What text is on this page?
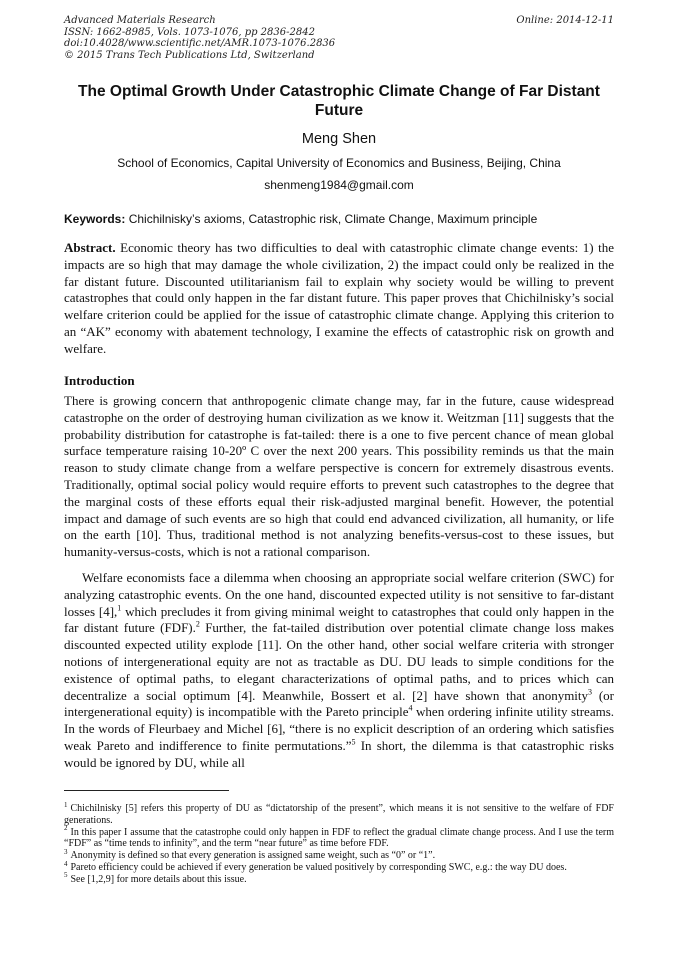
Advanced Materials Research
ISSN: 1662-8985, Vols. 1073-1076, pp 2836-2842
doi:10.4028/www.scientific.net/AMR.1073-1076.2836
© 2015 Trans Tech Publications Ltd, Switzerland
Online: 2014-12-11
The Optimal Growth Under Catastrophic Climate Change of Far Distant Future
Meng Shen
School of Economics, Capital University of Economics and Business, Beijing, China
shenmeng1984@gmail.com
Keywords: Chichilnisky’s axioms, Catastrophic risk, Climate Change, Maximum principle
Abstract. Economic theory has two difficulties to deal with catastrophic climate change events: 1) the impacts are so high that may damage the whole civilization, 2) the impact could only be realized in the far distant future. Discounted utilitarianism fail to explain why society would be willing to prevent catastrophes that could only happen in the far distant future. This paper proves that Chichilnisky’s social welfare criterion could be applied for the issue of catastrophic climate change. Applying this criterion to an “AK” economy with abatement technology, I examine the effects of catastrophic risk on growth and welfare.
Introduction
There is growing concern that anthropogenic climate change may, far in the future, cause widespread catastrophe on the order of destroying human civilization as we know it. Weitzman [11] suggests that the probability distribution for catastrophe is fat-tailed: there is a one to five percent chance of mean global surface temperature raising 10-20º C over the next 200 years. This possibility reminds us that the main reason to study climate change from a welfare perspective is concern for extremely disastrous events. Traditionally, optimal social policy would require efforts to prevent such catastrophes to the degree that the marginal costs of these efforts equal their risk-adjusted marginal benefit. However, the potential impact and damage of such events are so high that could end advanced civilization, all humanity, or life on the earth [10]. Thus, traditional method is not analyzing benefits-versus-cost to these issues, but humanity-versus-costs, which is not a rational comparison.
Welfare economists face a dilemma when choosing an appropriate social welfare criterion (SWC) for analyzing catastrophic events. On the one hand, discounted expected utility is not sensitive to far-distant losses [4],$^1$ which precludes it from giving minimal weight to catastrophes that could only happen in the far distant future (FDF).$^2$ Further, the fat-tailed distribution over potential climate change loss makes discounted expected utility explode [11]. On the other hand, other social welfare criteria with stronger notions of intergenerational equity are not as tractable as DU. DU leads to simple conditions for the existence of optimal paths, to elegant characterizations of optimal paths, and to prices which can decentralize a social optimum [4]. Meanwhile, Bossert et al. [2] have shown that anonymity$^3$ (or intergenerational equity) is incompatible with the Pareto principle$^4$ when ordering infinite utility streams. In the words of Fleurbaey and Michel [6], “there is no explicit description of an ordering which satisfies weak Pareto and indifference to finite permutations.”$^5$ In short, the dilemma is that catastrophic risks would be ignored by DU, while all

$^1$ Chichilnisky [5] refers this property of DU as “dictatorship of the present”, which means it is not sensitive to the welfare of FDF generations.

$^2$ In this paper I assume that the catastrophe could only happen in FDF to reflect the gradual climate change process. And I use the term “FDF” as “time tends to infinity”, and the term “near future” as time before FDF.

$^3$ Anonymity is defined so that every generation is assigned same weight, such as “0” or “1”.

$^4$ Pareto efficiency could be achieved if every generation be valued positively by corresponding SWC, e.g.: the way DU does.

$^5$ See [1,2,9] for more details about this issue.
